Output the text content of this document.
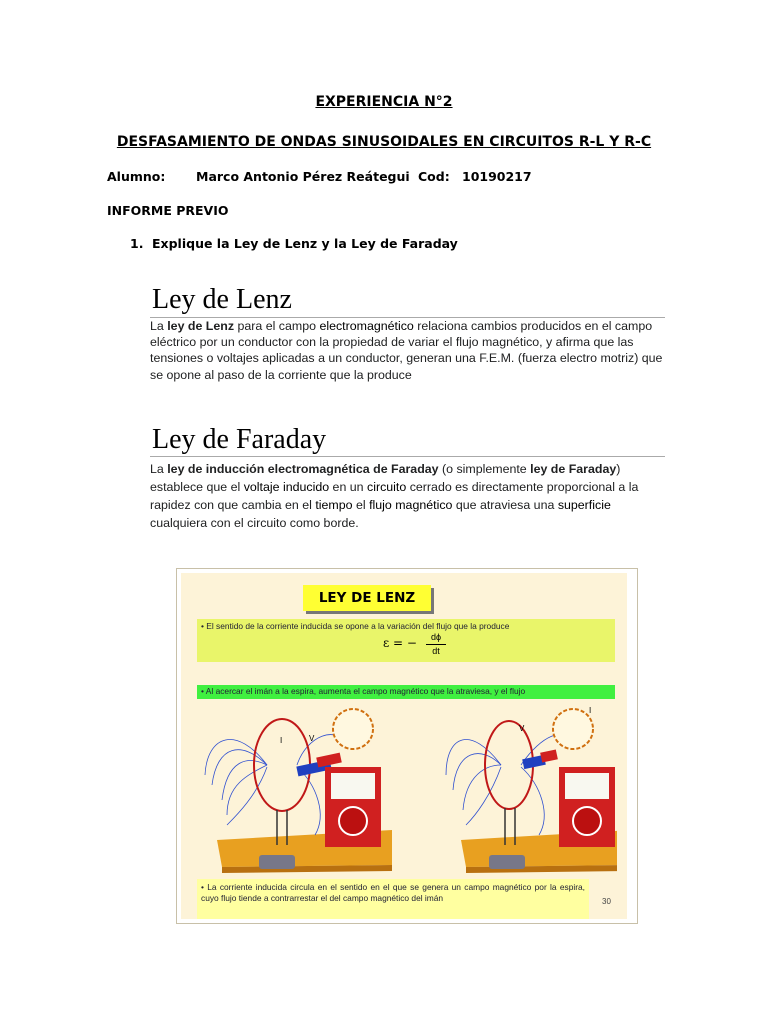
EXPERIENCIA N°2
DESFASAMIENTO DE ONDAS SINUSOIDALES EN CIRCUITOS R-L Y R-C
Alumno: Marco Antonio Pérez Reátegui Cod: 10190217
INFORME PREVIO
1. Explique la Ley de Lenz y la Ley de Faraday
Ley de Lenz
La ley de Lenz para el campo electromagnético relaciona cambios producidos en el campo eléctrico por un conductor con la propiedad de variar el flujo magnético, y afirma que las tensiones o voltajes aplicadas a un conductor, generan una F.E.M. (fuerza electro motriz) que se opone al paso de la corriente que la produce
Ley de Faraday
La ley de inducción electromagnética de Faraday (o simplemente ley de Faraday) establece que el voltaje inducido en un circuito cerrado es directamente proporcional a la rapidez con que cambia en el tiempo el flujo magnético que atraviesa una superficie cualquiera con el circuito como borde.
LEY DE LENZ
• El sentido de la corriente inducida se opone a la variación del flujo que la produce
ε = −	dϕ
dt
• Al acercar el imán a la espira, aumenta el campo magnético que la atraviesa, y el flujo
I	V
V
I
• La corriente inducida circula en el sentido en el que se genera un campo magnético por la espira, cuyo flujo tiende a contrarrestar el del campo magnético del imán	30
